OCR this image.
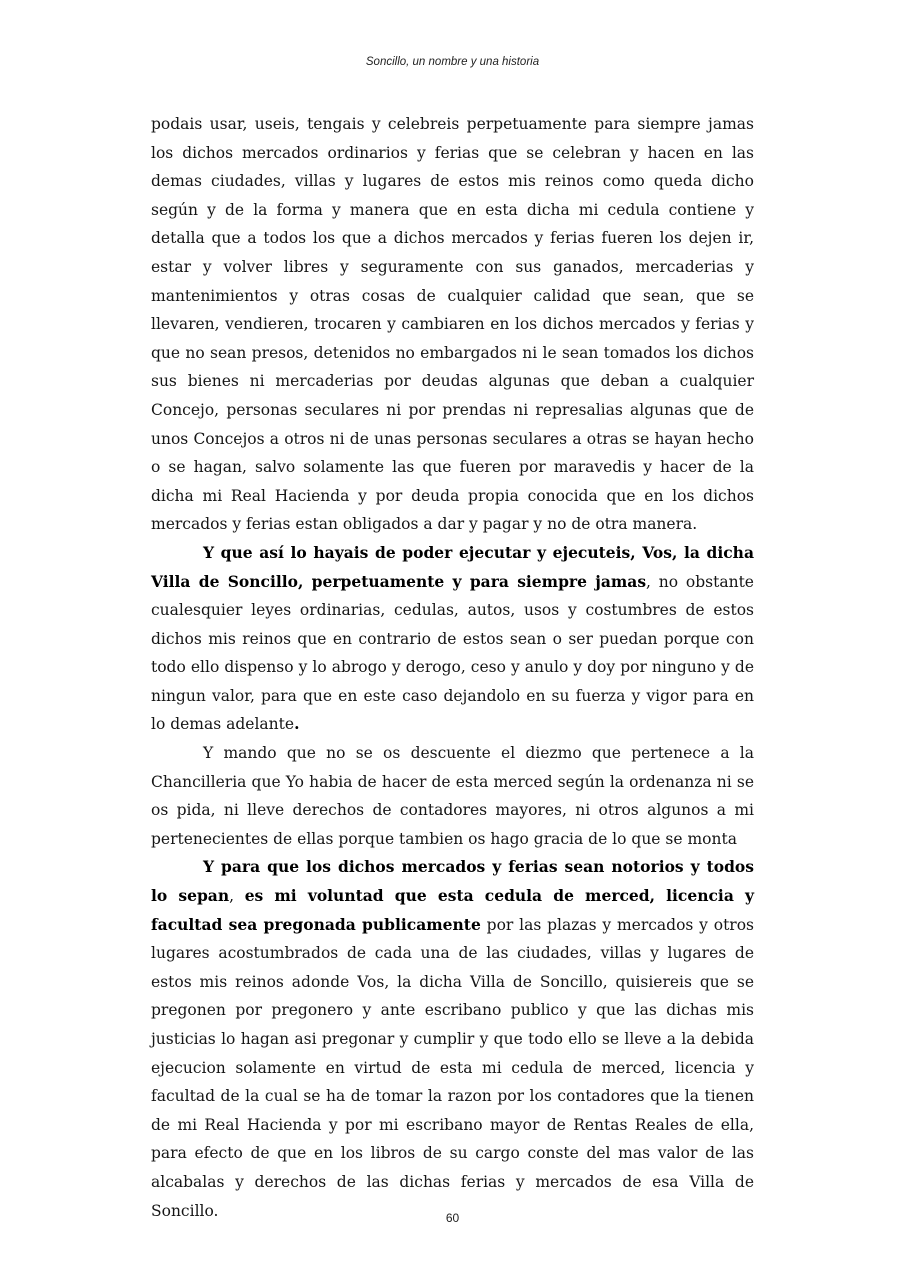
Soncillo, un nombre y una historia

podais usar, useis, tengais y celebreis perpetuamente para siempre jamas los dichos mercados ordinarios y ferias que se celebran y hacen en las demas ciudades, villas y lugares de estos mis reinos como queda dicho según y de la forma y manera que en esta dicha mi cedula contiene y detalla que a todos los que a dichos mercados y ferias fueren los dejen ir, estar y volver libres y seguramente con sus ganados, mercaderias y mantenimientos y otras cosas de cualquier calidad que sean, que se llevaren, vendieren, trocaren y cambiaren en los dichos mercados y ferias y que no sean presos, detenidos no embargados ni le sean tomados los dichos sus bienes ni mercaderias por deudas algunas que deban a cualquier Concejo, personas seculares ni por prendas ni represalias algunas que de unos Concejos a otros ni de unas personas seculares a otras se hayan hecho o se hagan, salvo solamente las que fueren por maravedis y hacer de la dicha mi Real Hacienda y por deuda propia conocida que en los dichos mercados y ferias estan obligados a dar y pagar y no de otra manera.

Y que así lo hayais de poder ejecutar y ejecuteis, Vos, la dicha Villa de Soncillo, perpetuamente y para siempre jamas, no obstante cualesquier leyes ordinarias, cedulas, autos, usos y costumbres de estos dichos mis reinos que en contrario de estos sean o ser puedan porque con todo ello dispenso y lo abrogo y derogo, ceso y anulo y doy por ninguno y de ningun valor, para que en este caso dejandolo en su fuerza y vigor para en lo demas adelante.

Y mando que no se os descuente el diezmo que pertenece a la Chancilleria que Yo habia de hacer de esta merced según la ordenanza ni se os pida, ni lleve derechos de contadores mayores, ni otros algunos a mi pertenecientes de ellas porque tambien os hago gracia de lo que se monta

Y para que los dichos mercados y ferias sean notorios y todos lo sepan, es mi voluntad que esta cedula de merced, licencia y facultad sea pregonada publicamente por las plazas y mercados y otros lugares acostumbrados de cada una de las ciudades, villas y lugares de estos mis reinos adonde Vos, la dicha Villa de Soncillo, quisiereis que se pregonen por pregonero y ante escribano publico y que las dichas mis justicias lo hagan asi pregonar y cumplir y que todo ello se lleve a la debida ejecucion solamente en virtud de esta mi cedula de merced, licencia y facultad de la cual se ha de tomar la razon por los contadores que la tienen de mi Real Hacienda y por mi escribano mayor de Rentas Reales de ella, para efecto de que en los libros de su cargo conste del mas valor de las alcabalas y derechos de las dichas ferias y mercados de esa Villa de Soncillo.	60
